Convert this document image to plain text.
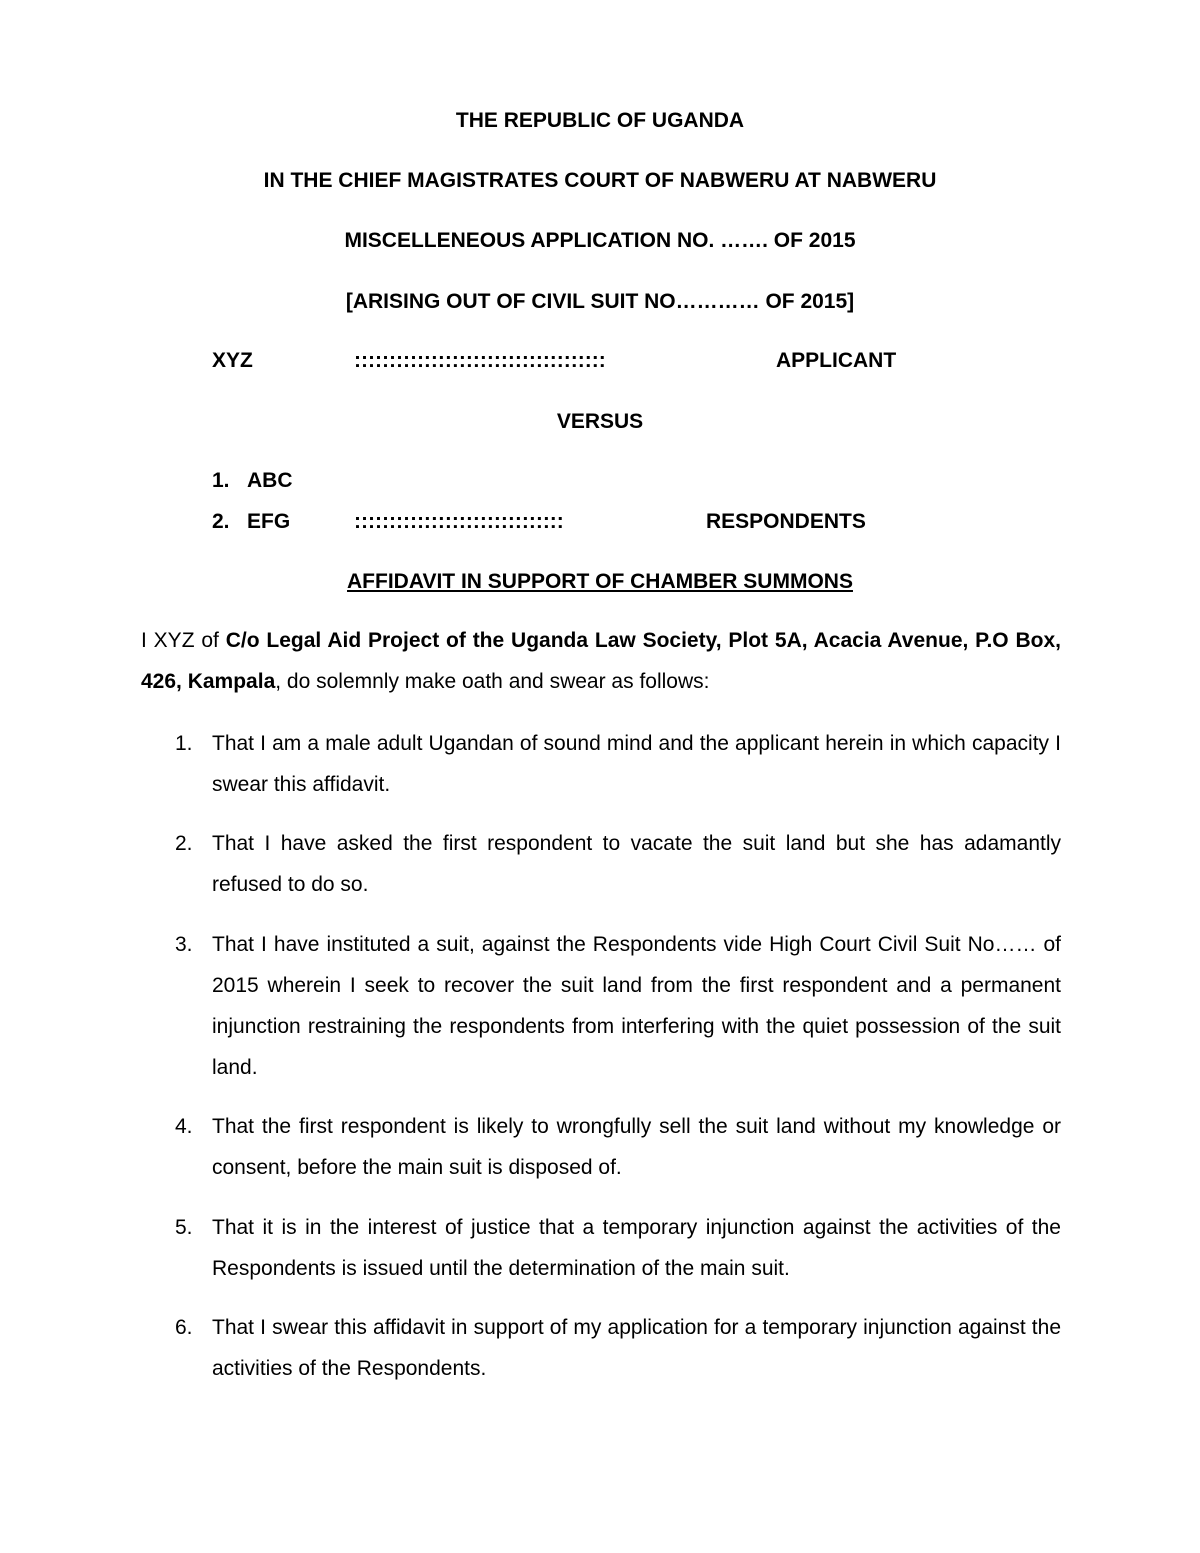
THE REPUBLIC OF UGANDA
IN THE CHIEF MAGISTRATES COURT OF NABWERU AT NABWERU
MISCELLENEOUS APPLICATION NO. ……. OF 2015
[ARISING OUT OF CIVIL SUIT NO………… OF 2015]
XYZ	::::::::::::::::::::::::::::::::::::	APPLICANT
VERSUS
1. ABC
2. EFG	::::::::::::::::::::::::::::::	RESPONDENTS
AFFIDAVIT IN SUPPORT OF CHAMBER SUMMONS
I XYZ of C/o Legal Aid Project of the Uganda Law Society, Plot 5A, Acacia Avenue, P.O Box, 426, Kampala, do solemnly make oath and swear as follows:
1. That I am a male adult Ugandan of sound mind and the applicant herein in which capacity I swear this affidavit.
2. That I have asked the first respondent to vacate the suit land but she has adamantly refused to do so.
3. That I have instituted a suit, against the Respondents vide High Court Civil Suit No…… of 2015 wherein I seek to recover the suit land from the first respondent and a permanent injunction restraining the respondents from interfering with the quiet possession of the suit land.
4. That the first respondent is likely to wrongfully sell the suit land without my knowledge or consent, before the main suit is disposed of.
5. That it is in the interest of justice that a temporary injunction against the activities of the Respondents is issued until the determination of the main suit.
6. That I swear this affidavit in support of my application for a temporary injunction against the activities of the Respondents.
